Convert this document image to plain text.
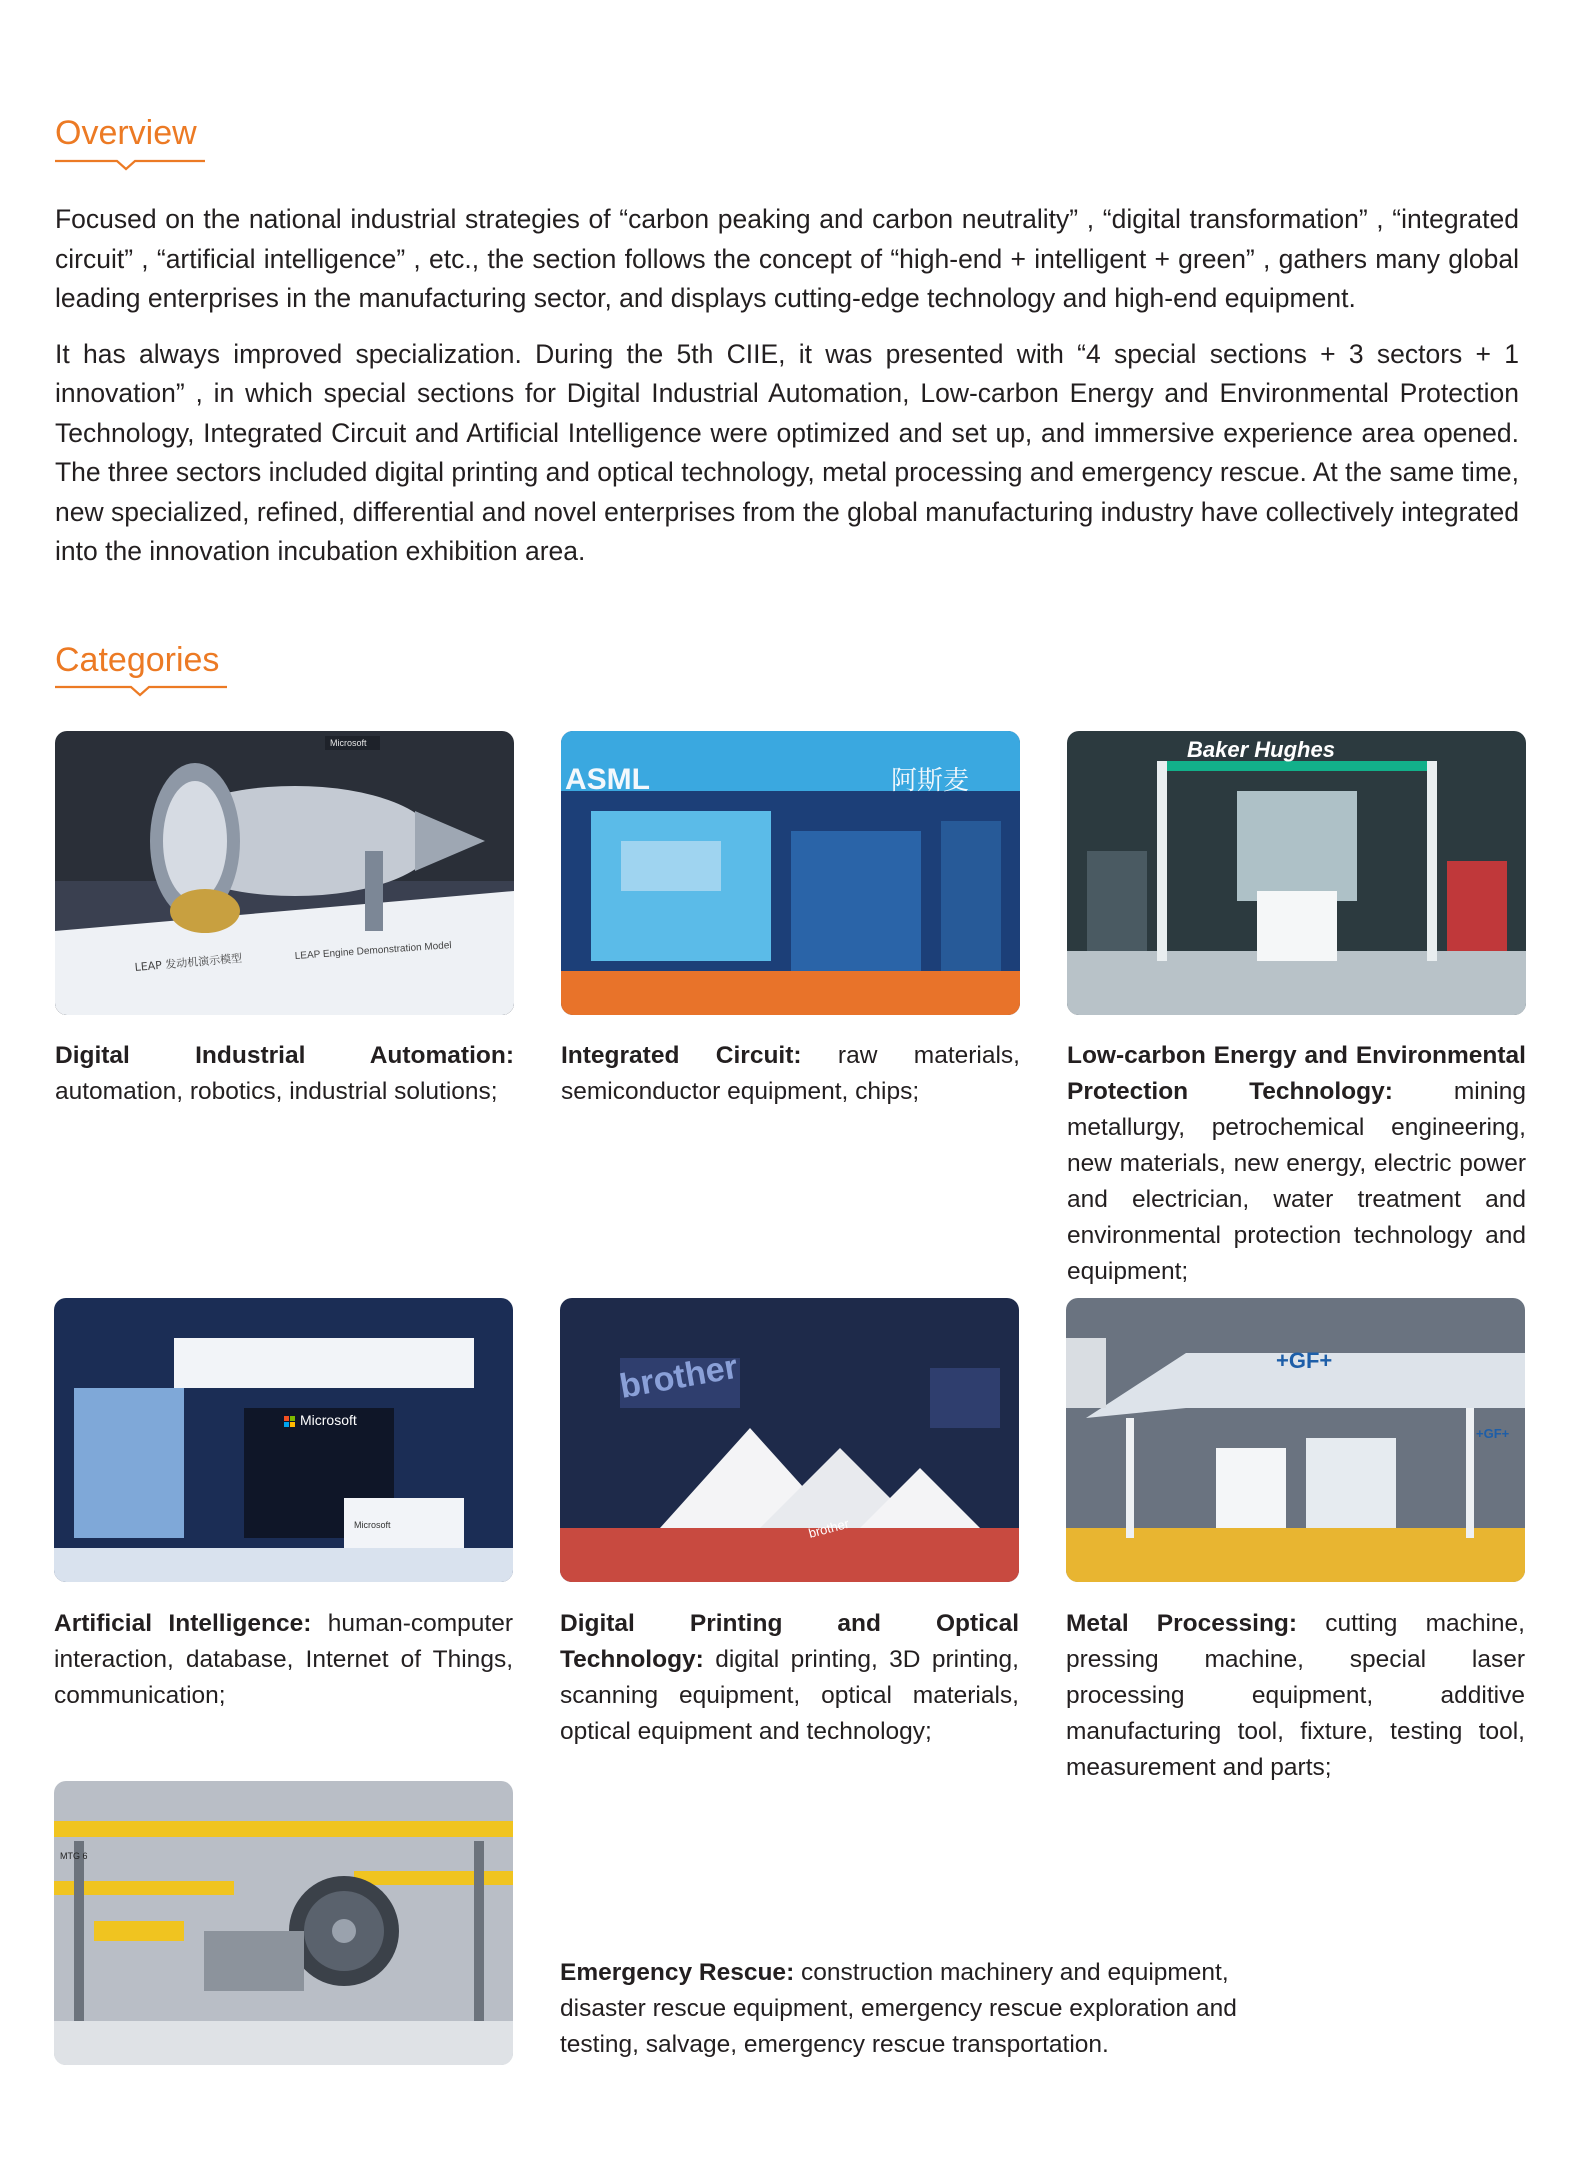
Overview

Focused on the national industrial strategies of “carbon peaking and carbon neutrality” , “digital transformation” , “integrated circuit” , “artificial intelligence” , etc., the section follows the concept of “high-end + intelligent + green” , gathers many global leading enterprises in the manufacturing sector, and displays cutting-edge technology and high-end equipment.

It has always improved specialization. During the 5th CIIE, it was presented with “4 special sections + 3 sectors + 1 innovation” , in which special sections for Digital Industrial Automation, Low-carbon Energy and Environmental Protection Technology, Integrated Circuit and Artificial Intelligence were optimized and set up, and immersive experience area opened. The three sectors included digital printing and optical technology, metal processing and emergency rescue. At the same time, new specialized, refined, differential and novel enterprises from the global manufacturing industry have collectively integrated into the innovation incubation exhibition area.

Categories
LEAP 发动机演示模型
LEAP Engine Demonstration Model
Microsoft
Digital Industrial Automation: automation, robotics, industrial solutions;
ASML	阿斯麦
Integrated Circuit: raw materials, semiconductor equipment, chips;
Baker Hughes
Low-carbon Energy and Environmental Protection Technology: mining metallurgy, petrochemical engineering, new materials, new energy, electric power and electrician, water treatment and environmental protection technology and equipment;
Microsoft
Microsoft
Artificial Intelligence: human-computer interaction, database, Internet of Things, communication;
brother
brother
Digital Printing and Optical Technology: digital printing, 3D printing, scanning equipment, optical materials, optical equipment and technology;
+GF+
+GF+
Metal Processing: cutting machine, pressing machine, special laser processing equipment, additive manufacturing tool, fixture, testing tool, measurement and parts;
MTG 6
Emergency Rescue: construction machinery and equipment, disaster rescue equipment, emergency rescue exploration and testing, salvage, emergency rescue transportation.
